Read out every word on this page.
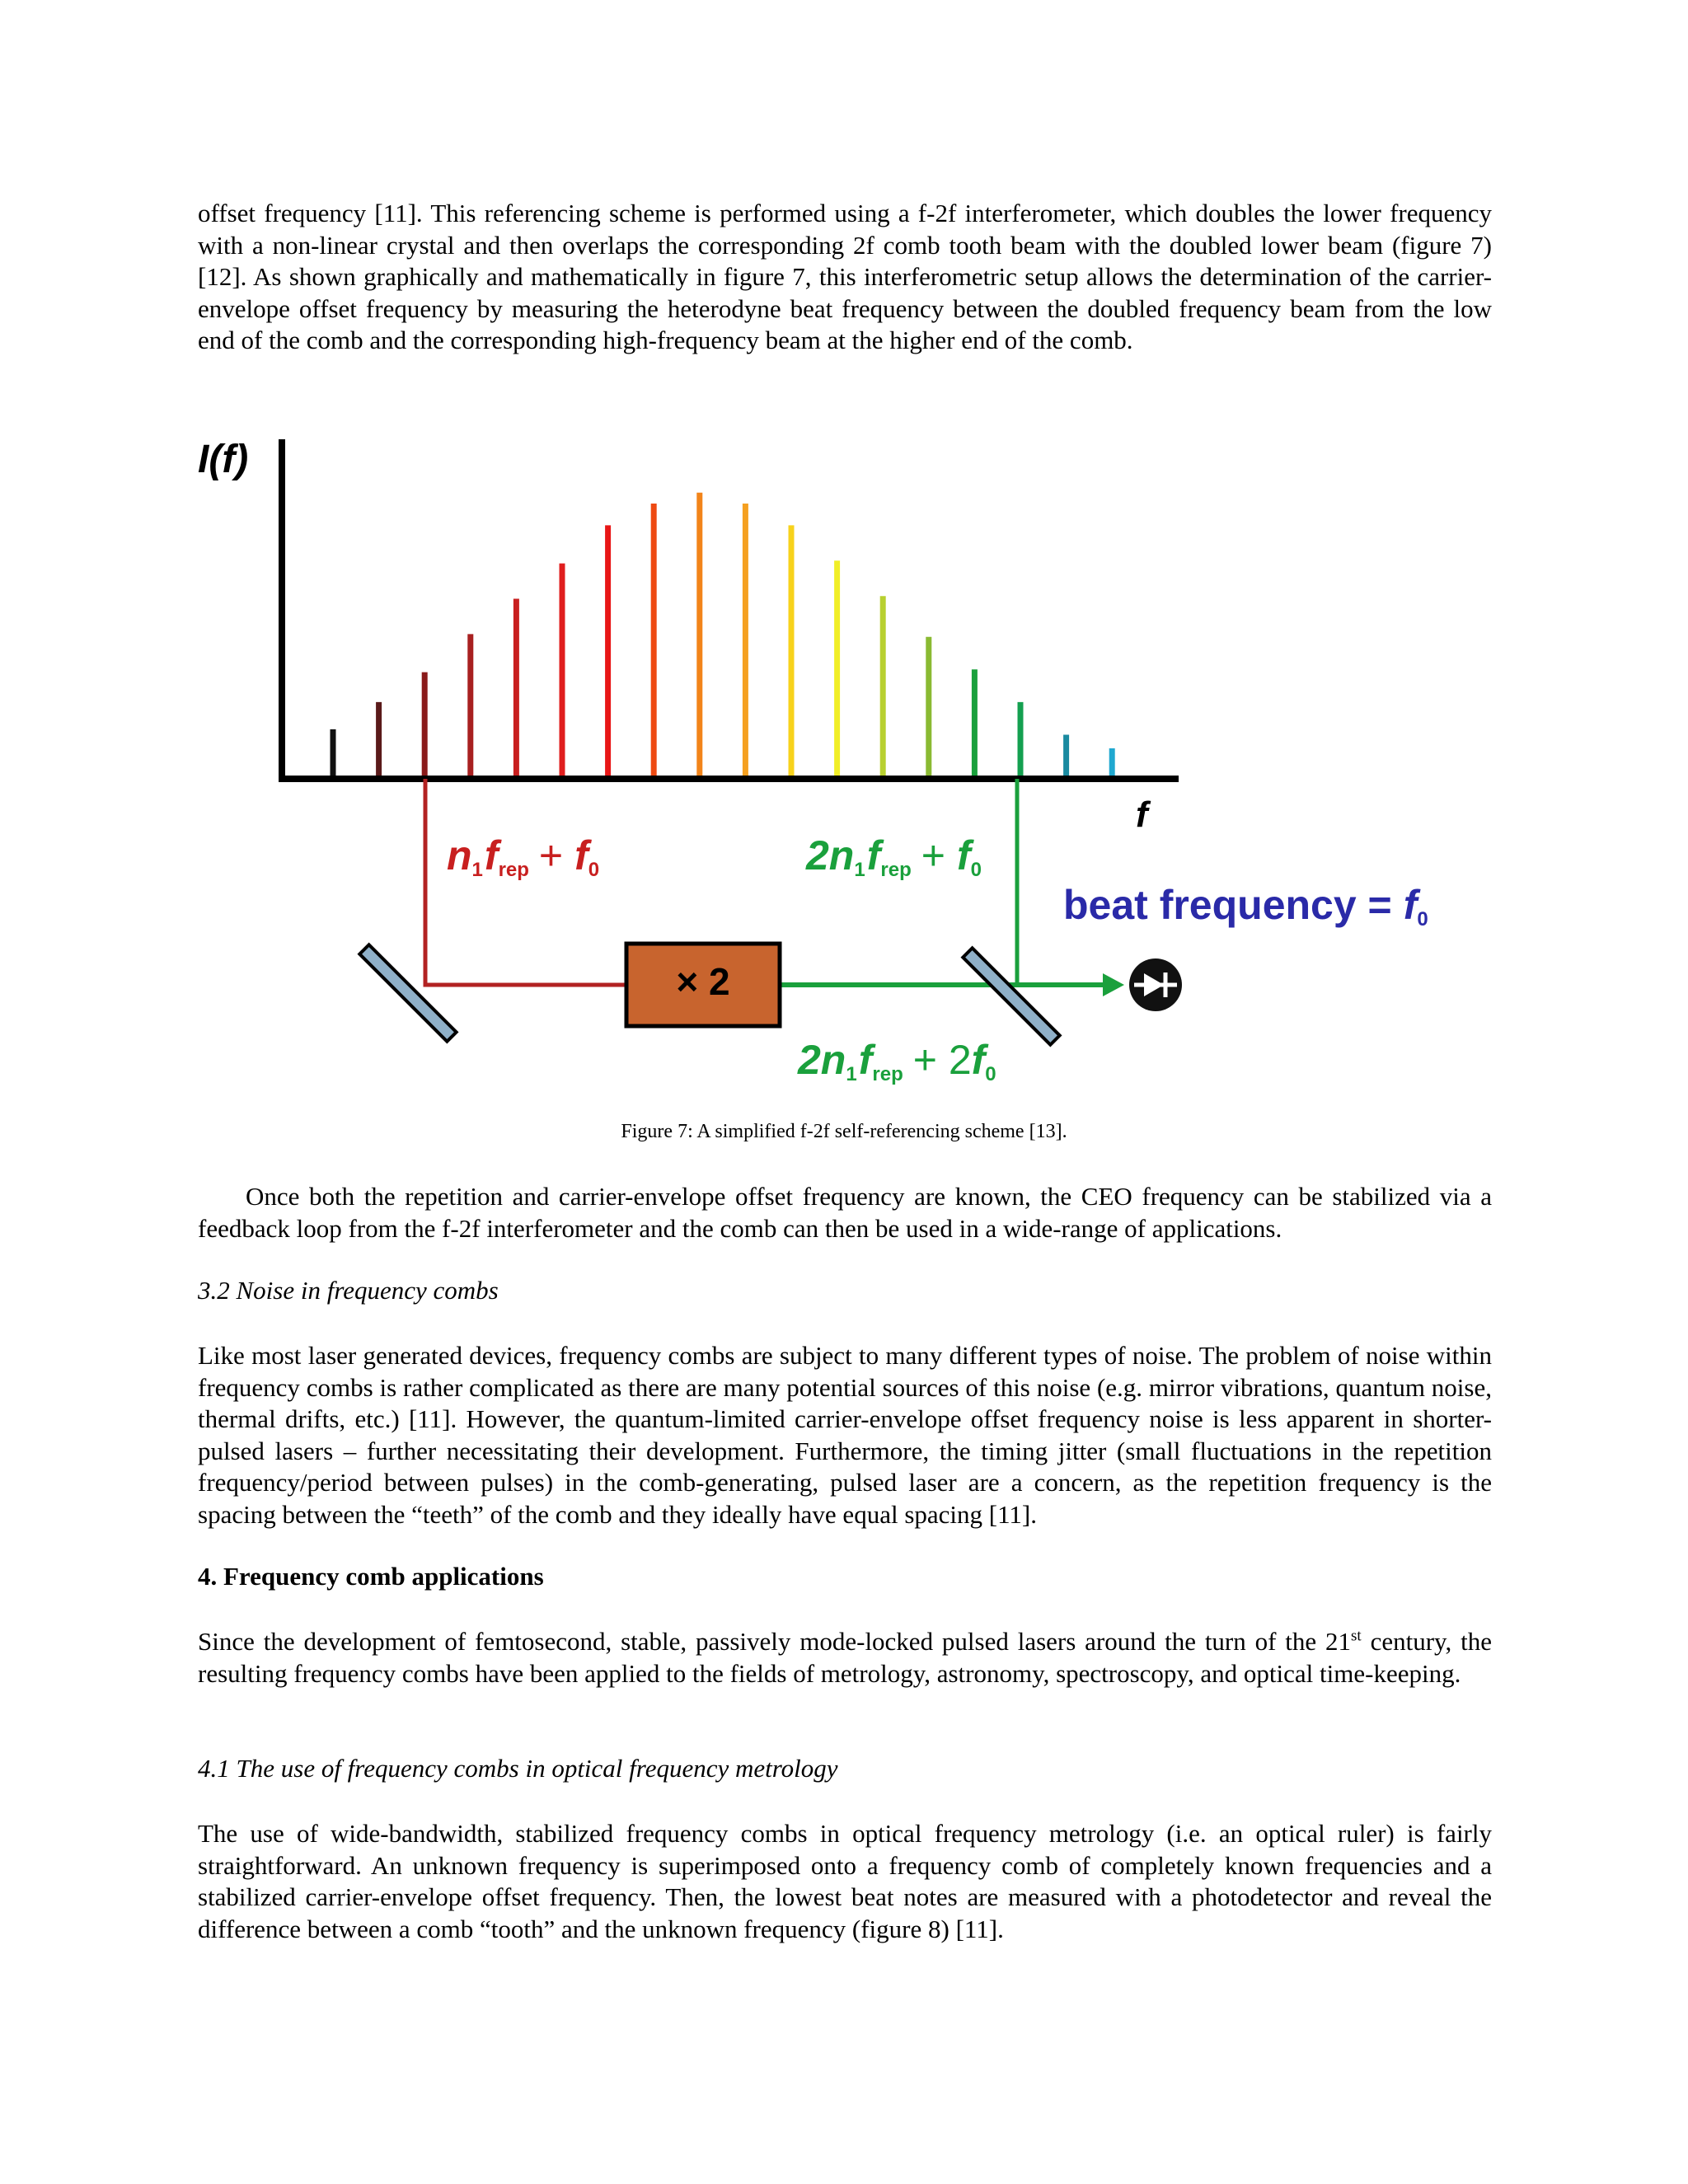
offset frequency [11]. This referencing scheme is performed using a f-2f interferometer, which doubles the lower frequency with a non-linear crystal and then overlaps the corresponding 2f comb tooth beam with the doubled lower beam (figure 7) [12]. As shown graphically and mathematically in figure 7, this interferometric setup allows the determination of the carrier-envelope offset frequency by measuring the heterodyne beat frequency between the doubled frequency beam from the low end of the comb and the corresponding high-frequency beam at the higher end of the comb.

I(f)
f
× 2
n1frep + f0	2n1frep + f0
2n1frep + 2f0
beat frequency = f0

Figure 7: A simplified f-2f self-referencing scheme [13].

Once both the repetition and carrier-envelope offset frequency are known, the CEO frequency can be stabilized via a feedback loop from the f-2f interferometer and the comb can then be used in a wide-range of applications.

3.2 Noise in frequency combs

Like most laser generated devices, frequency combs are subject to many different types of noise. The problem of noise within frequency combs is rather complicated as there are many potential sources of this noise (e.g. mirror vibrations, quantum noise, thermal drifts, etc.) [11]. However, the quantum-limited carrier-envelope offset frequency noise is less apparent in shorter-pulsed lasers – further necessitating their development. Furthermore, the timing jitter (small fluctuations in the repetition frequency/period between pulses) in the comb-generating, pulsed laser are a concern, as the repetition frequency is the spacing between the “teeth” of the comb and they ideally have equal spacing [11].

4. Frequency comb applications

Since the development of femtosecond, stable, passively mode-locked pulsed lasers around the turn of the 21st century, the resulting frequency combs have been applied to the fields of metrology, astronomy, spectroscopy, and optical time-keeping.

4.1 The use of frequency combs in optical frequency metrology

The use of wide-bandwidth, stabilized frequency combs in optical frequency metrology (i.e. an optical ruler) is fairly straightforward. An unknown frequency is superimposed onto a frequency comb of completely known frequencies and a stabilized carrier-envelope offset frequency. Then, the lowest beat notes are measured with a photodetector and reveal the difference between a comb “tooth” and the unknown frequency (figure 8) [11].
